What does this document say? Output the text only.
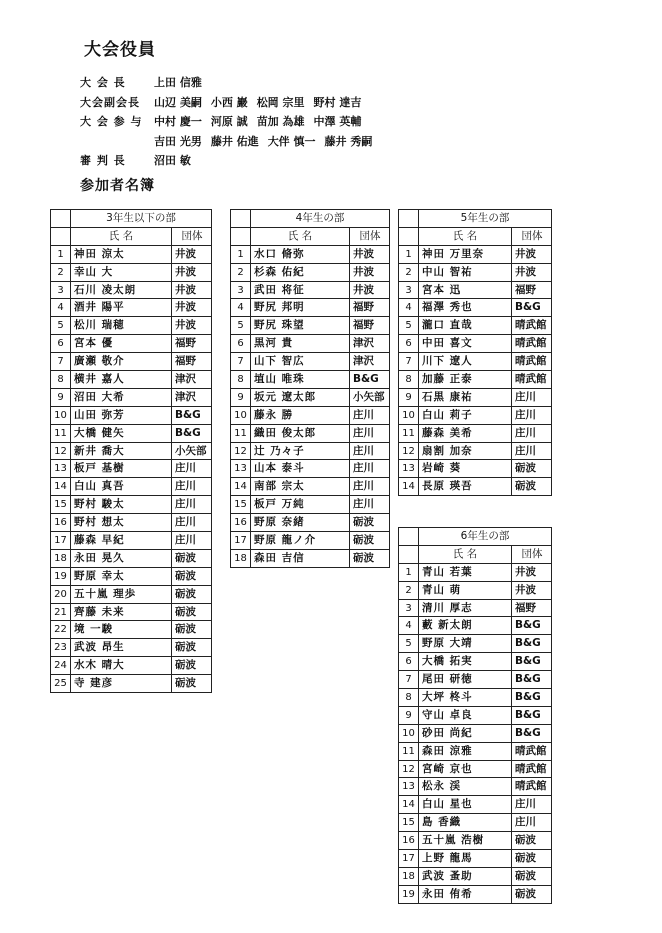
大会役員
大 会 長	上田 信雅
大会副会長	山辺 美嗣 小西 巖 松岡 宗里 野村 達吉
大 会 参 与	中村 慶一 河原 誠 苗加 為雄 中澤 英輔
吉田 光男 藤井 佑進 大伴 慎一 藤井 秀嗣
審 判 長	沼田 敏
参加者名簿
	3年生以下の部	
	氏 名	団体
1	神田 涼太	井波
2	幸山 大	井波
3	石川 凌太朗	井波
4	酒井 陽平	井波
5	松川 瑞穂	井波
6	宮本 優	福野
7	廣瀬 敬介	福野
8	横井 嘉人	津沢
9	沼田 大希	津沢
10	山田 弥芳	B&G
11	大橋 健矢	B&G
12	新井 喬大	小矢部
13	板戸 基樹	庄川
14	白山 真吾	庄川
15	野村 駿太	庄川
16	野村 想太	庄川
17	藤森 早紀	庄川
18	永田 晃久	砺波
19	野原 幸太	砺波
20	五十嵐 理歩	砺波
21	齊藤 未来	砺波
22	境 一駿	砺波
23	武波 昂生	砺波
24	水木 晴大	砺波
25	寺 建彦	砺波
	4年生の部	
	氏 名	団体
1	水口 脩弥	井波
2	杉森 佑紀	井波
3	武田 将征	井波
4	野尻 邦明	福野
5	野尻 珠望	福野
6	黒河 貴	津沢
7	山下 智広	津沢
8	埴山 唯珠	B&G
9	坂元 遼太郎	小矢部
10	藤永 勝	庄川
11	織田 俊太郎	庄川
12	辻 乃々子	庄川
13	山本 泰斗	庄川
14	南部 宗太	庄川
15	板戸 万純	庄川
16	野原 奈緒	砺波
17	野原 龍ノ介	砺波
18	森田 吉信	砺波
	5年生の部	
	氏 名	団体
1	神田 万里奈	井波
2	中山 智祐	井波
3	宮本 迅	福野
4	福澤 秀也	B&G
5	瀧口 直哉	晴武館
6	中田 喜文	晴武館
7	川下 遼人	晴武館
8	加藤 正泰	晴武館
9	石黒 康祐	庄川
10	白山 莉子	庄川
11	藤森 美希	庄川
12	扇割 加奈	庄川
13	岩崎 葵	砺波
14	長原 瑛吾	砺波
	6年生の部	
	氏 名	団体
1	青山 若葉	井波
2	青山 萌	井波
3	清川 厚志	福野
4	藪 新太朗	B&G
5	野原 大靖	B&G
6	大橋 拓実	B&G
7	尾田 研徳	B&G
8	大坪 柊斗	B&G
9	守山 卓良	B&G
10	砂田 尚紀	B&G
11	森田 涼雅	晴武館
12	宮崎 京也	晴武館
13	松永 渓	晴武館
14	白山 星也	庄川
15	島 香織	庄川
16	五十嵐 浩樹	砺波
17	上野 龍馬	砺波
18	武波 蚤助	砺波
19	永田 侑希	砺波
